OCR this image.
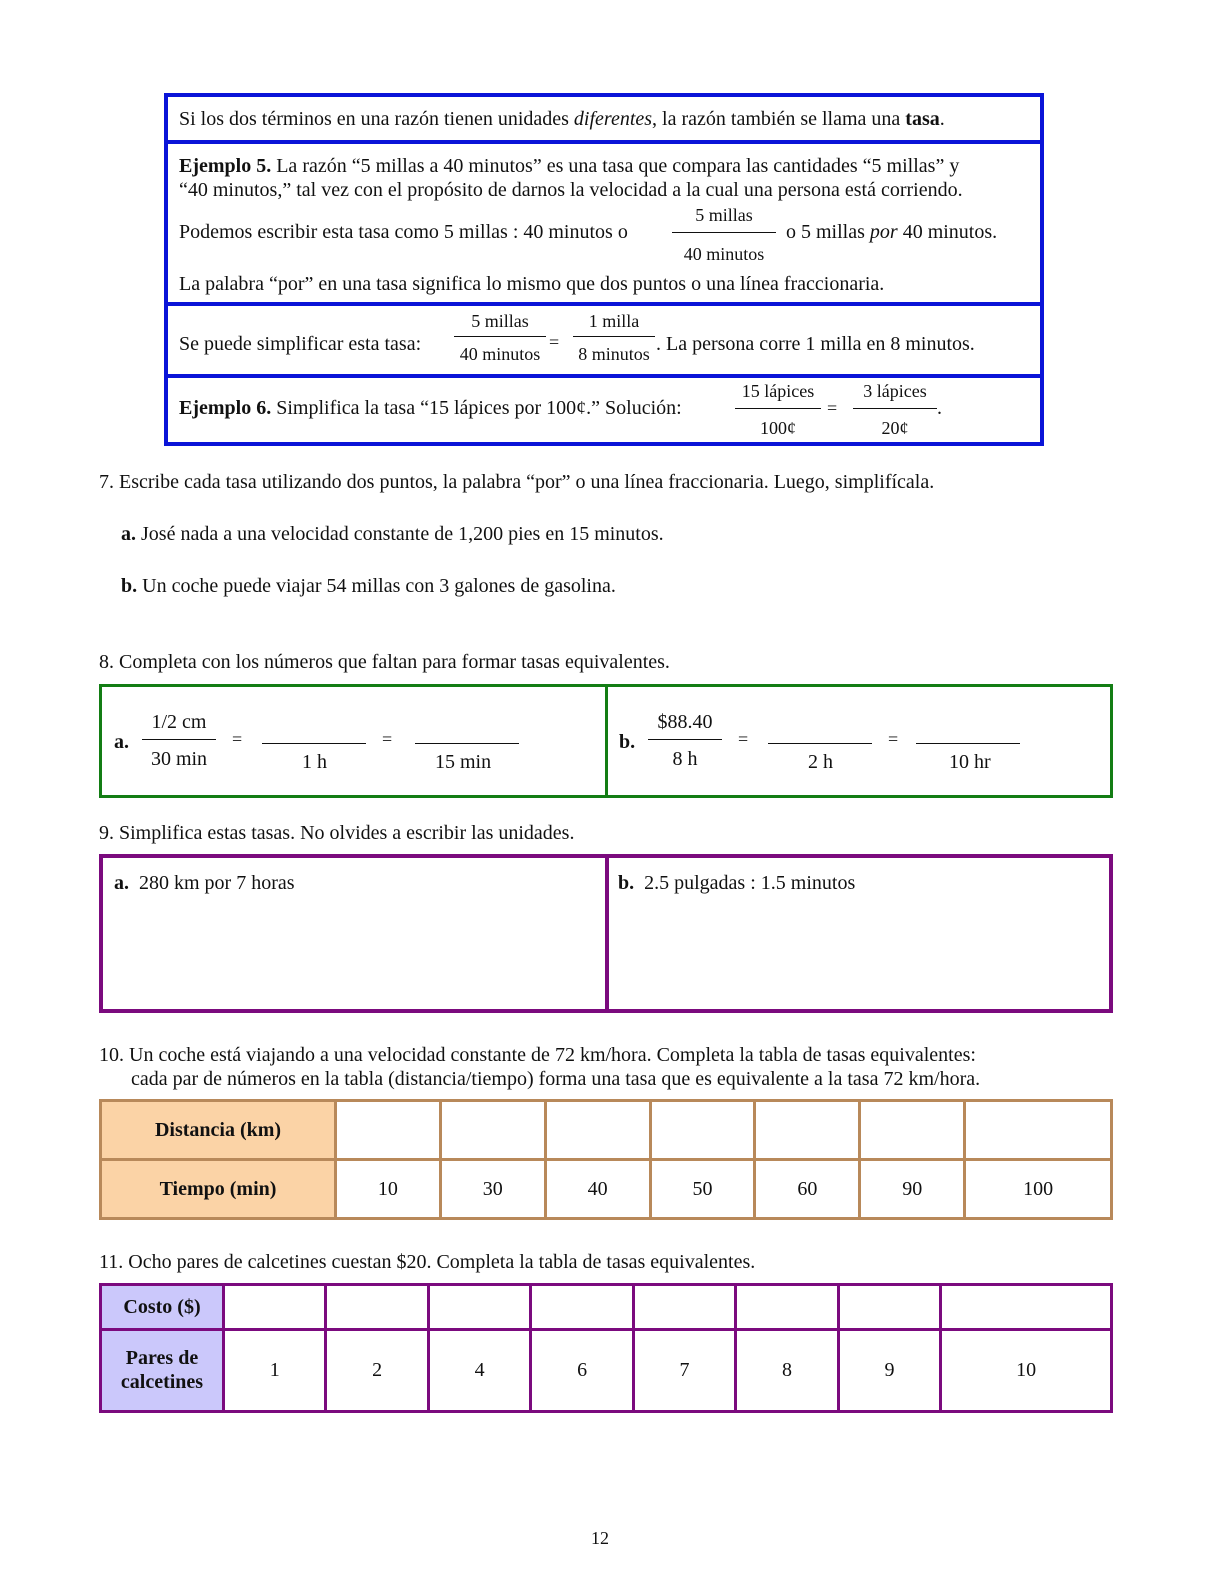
Si los dos términos en una razón tienen unidades diferentes, la razón también se llama una tasa.
Ejemplo 5. La razón “5 millas a 40 minutos” es una tasa que compara las cantidades “5 millas” y
“40 minutos,” tal vez con el propósito de darnos la velocidad a la cual una persona está corriendo.
Podemos escribir esta tasa como 5 millas : 40 minutos o
5 millas
40 minutos
o 5 millas por 40 minutos.
La palabra “por” en una tasa significa lo mismo que dos puntos o una línea fraccionaria.
Se puede simplificar esta tasa:
5 millas
40 minutos
=
1 milla
8 minutos . La persona corre 1 milla en 8 minutos.
Ejemplo 6. Simplifica la tasa “15 lápices por 100¢.” Solución:
15 lápices
100¢
=
3 lápices
20¢
.
7. Escribe cada tasa utilizando dos puntos, la palabra “por” o una línea fraccionaria. Luego, simplifícala.
a. José nada a una velocidad constante de 1,200 pies en 15 minutos.
b. Un coche puede viajar 54 millas con 3 galones de gasolina.
8. Completa con los números que faltan para formar tasas equivalentes.
a.
1/2 cm
30 min
=
1 h
=
15 min
b.
$88.40
8 h
=
2 h
=
10 hr
9. Simplifica estas tasas. No olvides a escribir las unidades.
a. 280 km por 7 horas	b. 2.5 pulgadas : 1.5 minutos
10. Un coche está viajando a una velocidad constante de 72 km/hora. Completa la tabla de tasas equivalentes:
cada par de números en la tabla (distancia/tiempo) forma una tasa que es equivalente a la tasa 72 km/hora.
Distancia (km)							
Tiempo (min)	10	30	40	50	60	90	100
11. Ocho pares de calcetines cuestan $20. Completa la tabla de tasas equivalentes.
Costo ($)								
Pares de
calcetines	1	2	4	6	7	8	9	10
12
